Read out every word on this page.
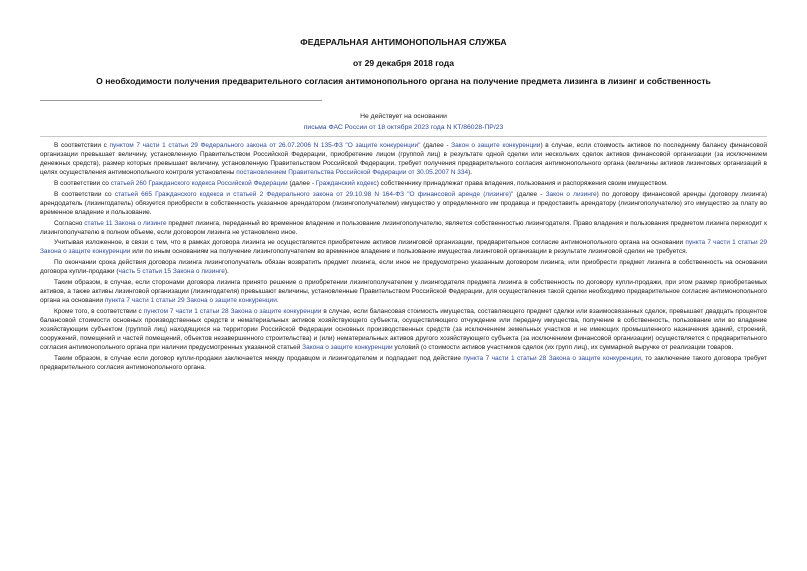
ФЕДЕРАЛЬНАЯ АНТИМОНОПОЛЬНАЯ СЛУЖБА
от 29 декабря 2018 года
О необходимости получения предварительного согласия антимонопольного органа на получение предмета лизинга в лизинг и собственность
Не действует на основании
письма ФАС России от 18 октября 2023 года N КТ/86028-ПР/23

В соответствии с пунктом 7 части 1 статьи 29 Федерального закона от 26.07.2006 N 135-ФЗ "О защите конкуренции" (далее - Закон о защите конкуренции) в случае, если стоимость активов по последнему балансу финансовой организации превышает величину, установленную Правительством Российской Федерации, приобретение лицом (группой лиц) в результате одной сделки или нескольких сделок активов финансовой организации (за исключением денежных средств), размер которых превышает величину, установленную Правительством Российской Федерации, требует получения предварительного согласия антимонопольного органа (величины активов лизинговых организаций в целях осуществления антимонопольного контроля установлены постановлением Правительства Российской Федерации от 30.05.2007 N 334).

В соответствии со статьей 260 Гражданского кодекса Российской Федерации (далее - Гражданский кодекс) собственнику принадлежат права владения, пользования и распоряжения своим имуществом.

В соответствии со статьей 665 Гражданского кодекса и статьей 2 Федерального закона от 29.10.98 N 164-ФЗ "О финансовой аренде (лизинге)" (далее - Закон о лизинге) по договору финансовой аренды (договору лизинга) арендодатель (лизингодатель) обязуется приобрести в собственность указанное арендатором (лизингополучателем) имущество у определенного им продавца и предоставить арендатору (лизингополучателю) это имущество за плату во временное владение и пользование.

Согласно статье 11 Закона о лизинге предмет лизинга, переданный во временное владение и пользование лизингополучателю, является собственностью лизингодателя. Право владения и пользования предметом лизинга переходит к лизингополучателю в полном объеме, если договором лизинга не установлено иное.

Учитывая изложенное, в связи с тем, что в рамках договора лизинга не осуществляется приобретение активов лизинговой организации, предварительное согласие антимонопольного органа на основании пункта 7 части 1 статьи 29 Закона о защите конкуренции или по иным основаниям на получение лизингополучателем во временное владение и пользование имущества лизинговой организации в результате лизинговой сделки не требуется.

По окончании срока действия договора лизинга лизингополучатель обязан возвратить предмет лизинга, если иное не предусмотрено указанным договором лизинга, или приобрести предмет лизинга в собственность на основании договора купли-продажи (часть 5 статьи 15 Закона о лизинге).

Таким образом, в случае, если сторонами договора лизинга принято решение о приобретении лизингополучателем у лизингодателя предмета лизинга в собственность по договору купли-продажи, при этом размер приобретаемых активов, а также активы лизинговой организации (лизингодателя) превышают величины, установленные Правительством Российской Федерации, для осуществления такой сделки необходимо предварительное согласие антимонопольного органа на основании пункта 7 части 1 статьи 29 Закона о защите конкуренции.

Кроме того, в соответствии с пунктом 7 части 1 статьи 28 Закона о защите конкуренции в случае, если балансовая стоимость имущества, составляющего предмет сделки или взаимосвязанных сделок, превышает двадцать процентов балансовой стоимости основных производственных средств и нематериальных активов хозяйствующего субъекта, осуществляющего отчуждение или передачу имущества, получение в собственность, пользование или во владение хозяйствующим субъектом (группой лиц) находящихся на территории Российской Федерации основных производственных средств (за исключением земельных участков и не имеющих промышленного назначения зданий, строений, сооружений, помещений и частей помещений, объектов незавершенного строительства) и (или) нематериальных активов другого хозяйствующего субъекта (за исключением финансовой организации) осуществляется с предварительного согласия антимонопольного органа при наличии предусмотренных указанной статьей Закона о защите конкуренции условий (о стоимости активов участников сделок (их групп лиц), их суммарной выручке от реализации товаров.

Таким образом, в случае если договор купли-продажи заключается между продавцом и лизингодателем и подпадает под действие пункта 7 части 1 статьи 28 Закона о защите конкуренции, то заключение такого договора требует предварительного согласия антимонопольного органа.
